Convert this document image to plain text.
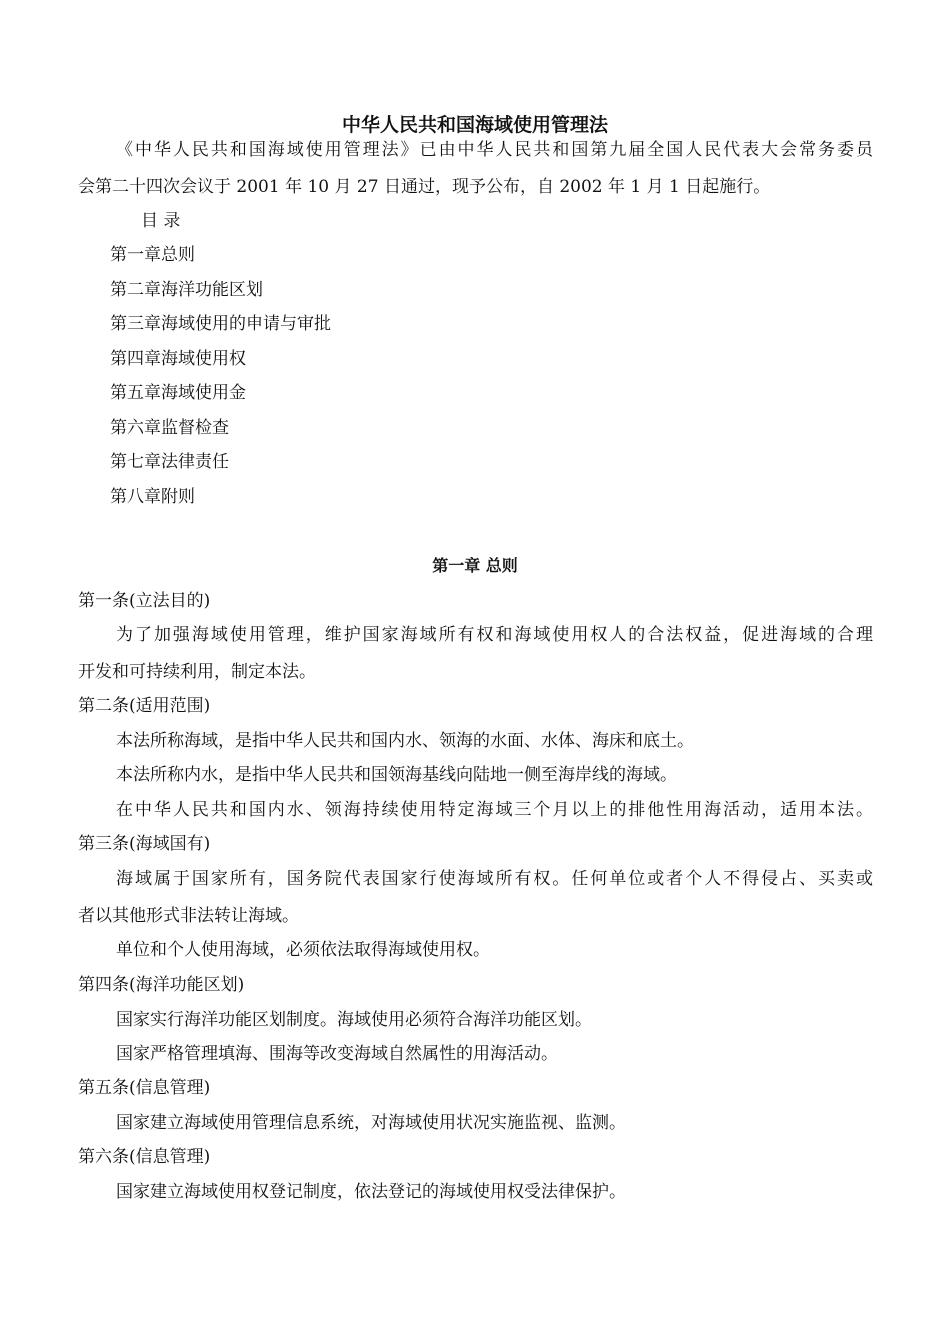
中华人民共和国海域使用管理法
《中华人民共和国海域使用管理法》已由中华人民共和国第九届全国人民代表大会常务委员
会第二十四次会议于 2001 年 10 月 27 日通过，现予公布，自 2002 年 1 月 1 日起施行。
目 录
第一章总则
第二章海洋功能区划
第三章海域使用的申请与审批
第四章海域使用权
第五章海域使用金
第六章监督检查
第七章法律责任
第八章附则
第一章 总则
第一条(立法目的)
为了加强海域使用管理，维护国家海域所有权和海域使用权人的合法权益，促进海域的合理
开发和可持续利用，制定本法。
第二条(适用范围)
本法所称海域，是指中华人民共和国内水、领海的水面、水体、海床和底土。
本法所称内水，是指中华人民共和国领海基线向陆地一侧至海岸线的海域。
在中华人民共和国内水、领海持续使用特定海域三个月以上的排他性用海活动，适用本法。
第三条(海域国有)
海域属于国家所有，国务院代表国家行使海域所有权。任何单位或者个人不得侵占、买卖或
者以其他形式非法转让海域。
单位和个人使用海域，必须依法取得海域使用权。
第四条(海洋功能区划)
国家实行海洋功能区划制度。海域使用必须符合海洋功能区划。
国家严格管理填海、围海等改变海域自然属性的用海活动。
第五条(信息管理)
国家建立海域使用管理信息系统，对海域使用状况实施监视、监测。
第六条(信息管理)
国家建立海域使用权登记制度，依法登记的海域使用权受法律保护。
